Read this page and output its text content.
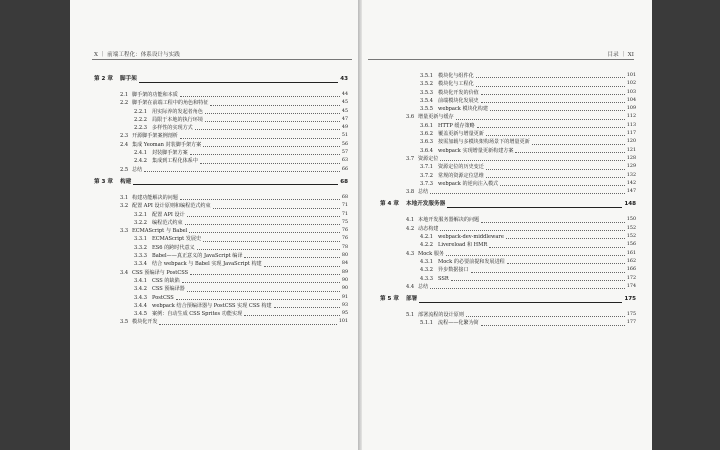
X ｜ 前端工程化：体系设计与实践
第 2 章	脚手架	43
2.1 脚手架的功能和本质	44
2.2 脚手架在前端工程中的角色和特征	45
2.2.1 用实际养的发起者角色	45
2.2.2 局限于本地的执行环境	47
2.2.3 多样性的实现方式	49
2.3 开源脚手架案例剖析	51
2.4 集成 Yeoman 封装脚手架方案	56
2.4.1 封装脚手架方案	57
2.4.2 集成到工程化体系中	63
2.5 总结	66
第 3 章	构建	68
3.1 构建功能解决的问题	68
3.2 配置 API 设计原则和编程范式约束	71
3.2.1 配置 API 设计	71
3.2.2 编程范式约束	75
3.3 ECMAScript 与 Babel	76
3.3.1 ECMAScript 发展史	76
3.3.2 ES6 的跨时代意义	78
3.3.3 Babel——真正意义的 JavaScript 编译	80
3.3.4 结合 webpack 与 Babel 实现 JavaScript 构建	84
3.4 CSS 预编译与 PostCSS	89
3.4.1 CSS 的缺陷	90
3.4.2 CSS 预编译器	90
3.4.3 PostCSS	91
3.4.4 webpack 结合预编译器与 PostCSS 实现 CSS 构建	93
3.4.5 案例：自动生成 CSS Sprites 功能实现	95
3.5 模块化开发	101
目录 ｜ XI
3.5.1 模块化与组件化	101
3.5.2 模块化与工程化	102
3.5.3 模块化开发的价值	103
3.5.4 前端模块化发展史	104
3.5.5 webpack 模块化构建	109
3.6 增量更新与缓存	112
3.6.1 HTTP 缓存策略	113
3.6.2 覆盖更新与增量更新	117
3.6.3 按需加载与多模块架构场景下的增量更新	120
3.6.4 webpack 实现增量更新构建方案	121
3.7 资源定位	128
3.7.1 资源定位的历史变迁	129
3.7.2 常规的资源定位思维	132
3.7.3 webpack 的逆向注入模式	142
3.8 总结	147
第 4 章	本地开发服务器	148
4.1 本地开发服务器解决的问题	150
4.2 动态构建	152
4.2.1 webpack-dev-middleware	152
4.2.2 Livereload 和 HMR	156
4.3 Mock 服务	161
4.3.1 Mock 的必要前提和发展进程	162
4.3.2 异步数据接口	166
4.3.3 SSR	172
4.4 总结	174
第 5 章	部署	175
5.1 部署流程的设计原则	175
5.1.1 流程——化繁为简	177
